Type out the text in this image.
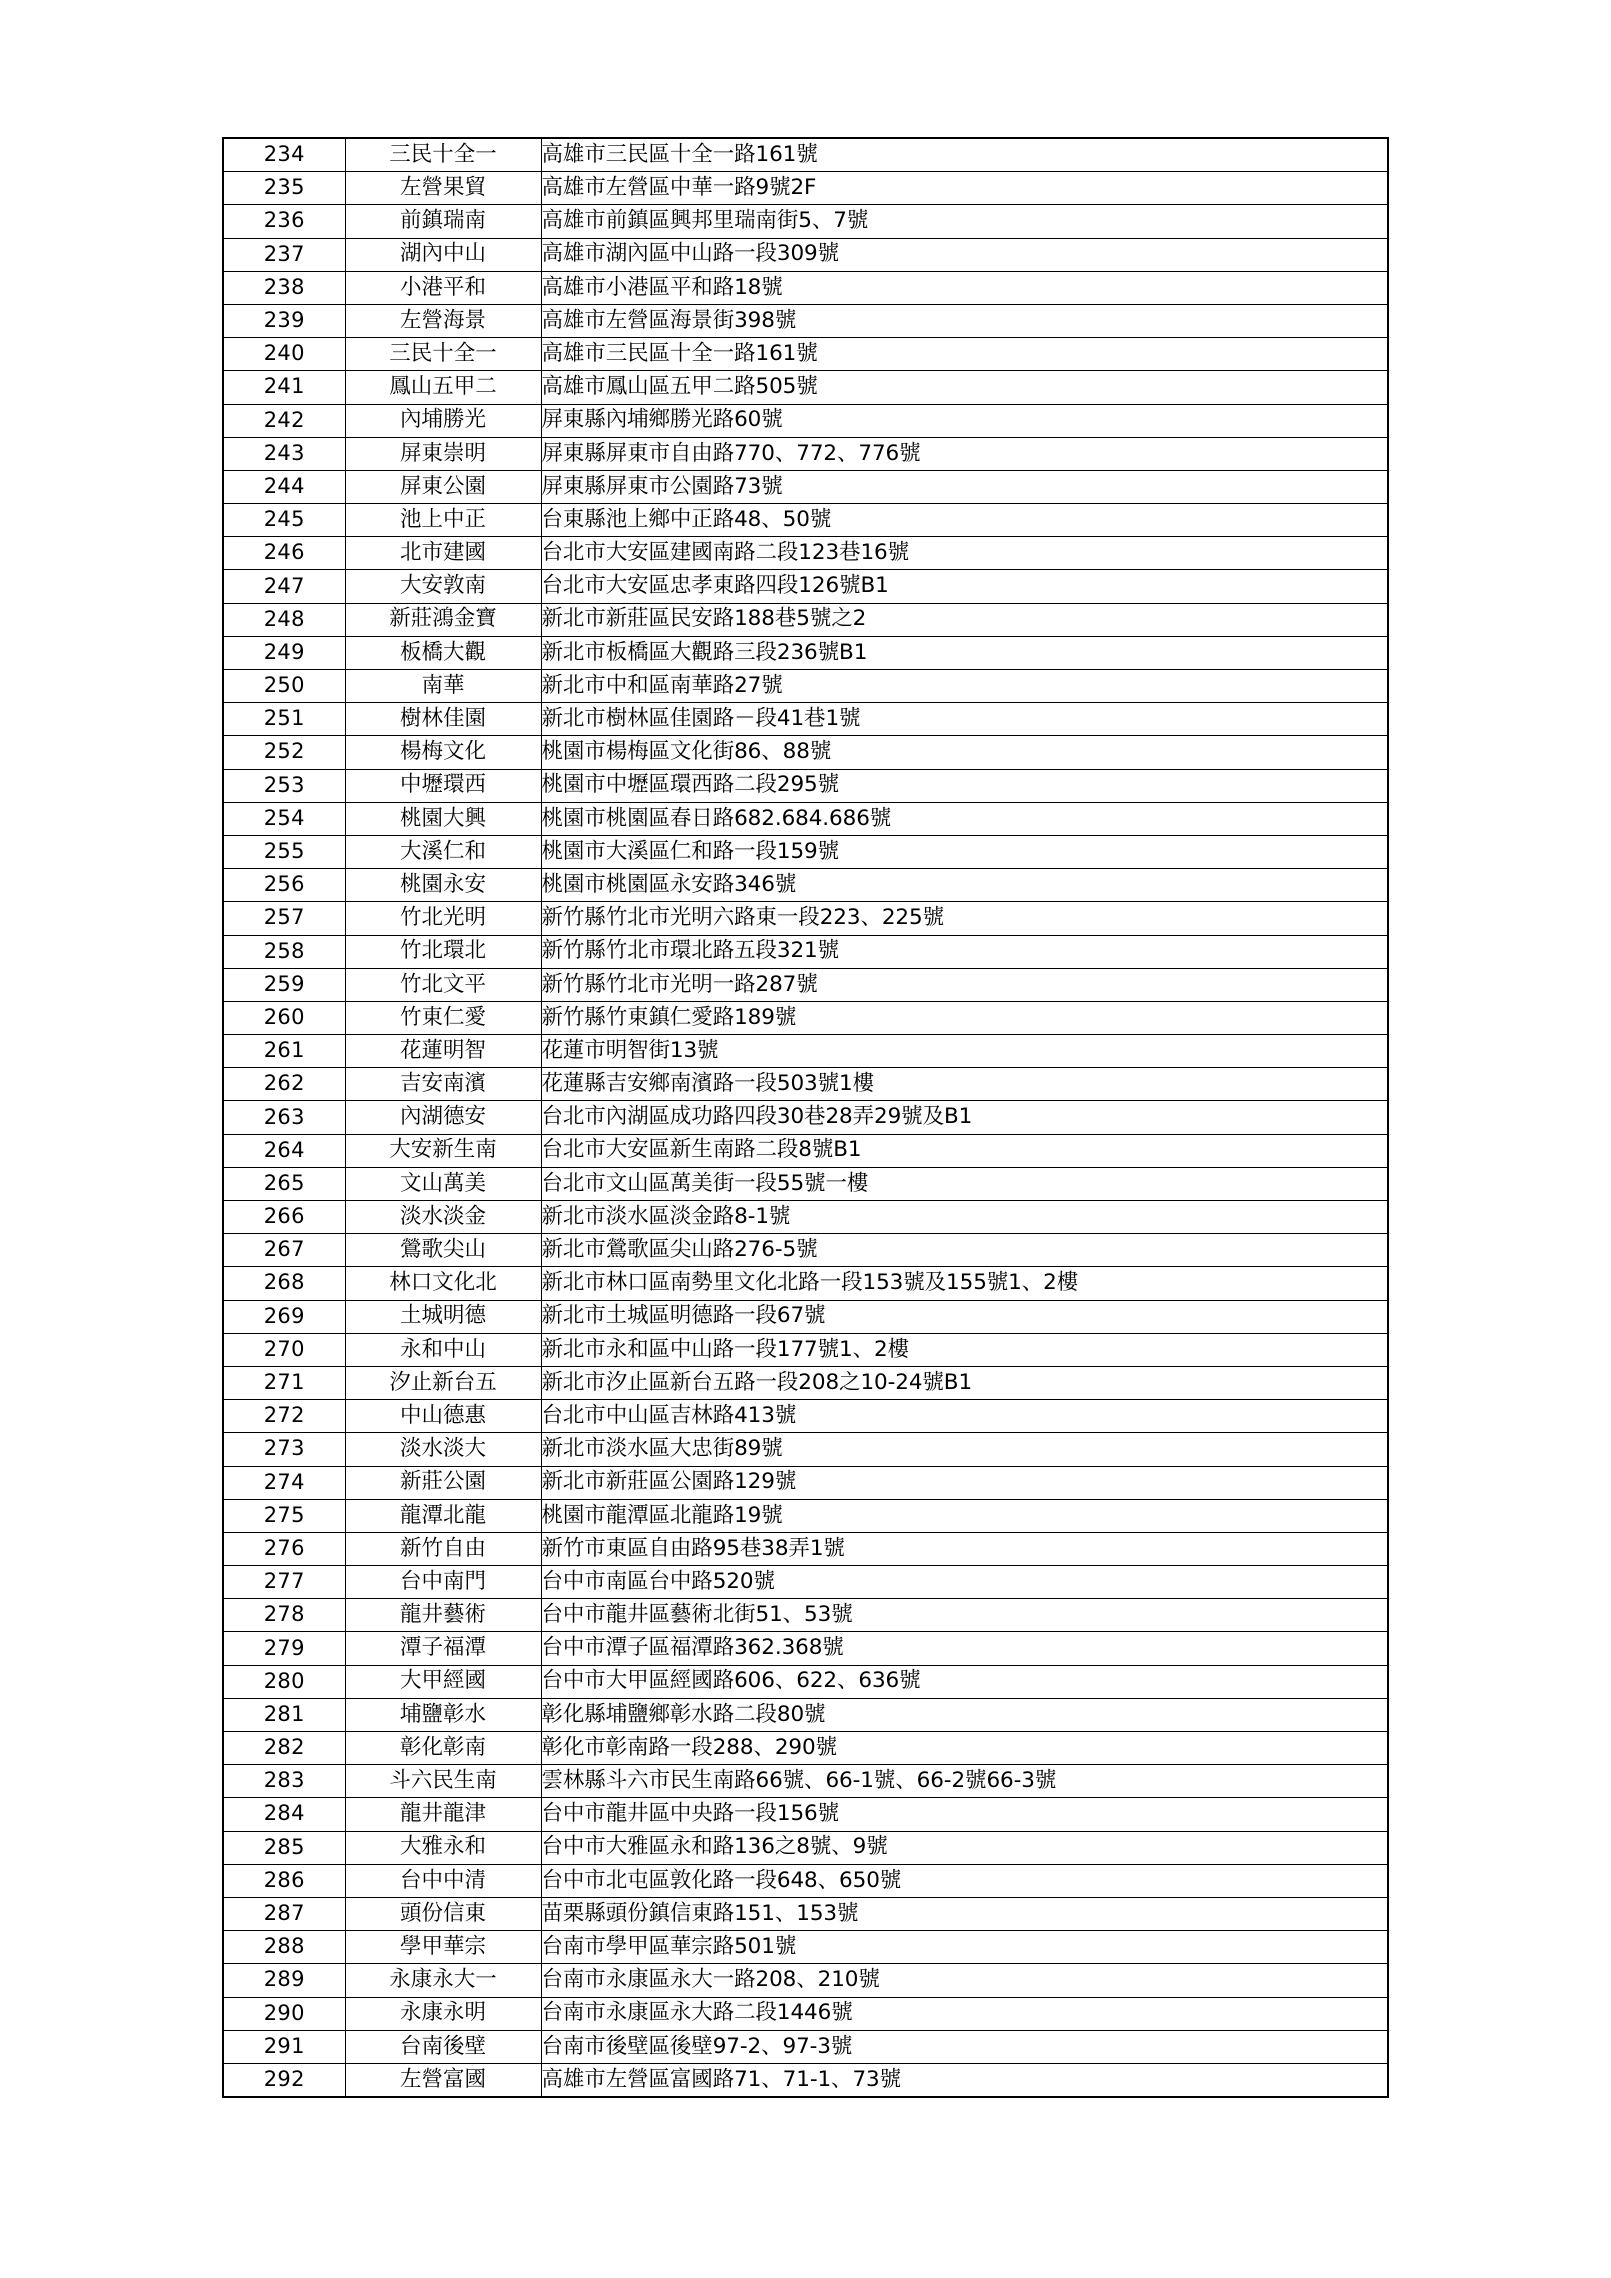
234	三民十全一	高雄市三民區十全一路161號
235	左營果貿	高雄市左營區中華一路9號2F
236	前鎮瑞南	高雄市前鎮區興邦里瑞南街5、7號
237	湖內中山	高雄市湖內區中山路一段309號
238	小港平和	高雄市小港區平和路18號
239	左營海景	高雄市左營區海景街398號
240	三民十全一	高雄市三民區十全一路161號
241	鳳山五甲二	高雄市鳳山區五甲二路505號
242	內埔勝光	屏東縣內埔鄉勝光路60號
243	屏東崇明	屏東縣屏東市自由路770、772、776號
244	屏東公園	屏東縣屏東市公園路73號
245	池上中正	台東縣池上鄉中正路48、50號
246	北市建國	台北市大安區建國南路二段123巷16號
247	大安敦南	台北市大安區忠孝東路四段126號B1
248	新莊鴻金寶	新北市新莊區民安路188巷5號之2
249	板橋大觀	新北市板橋區大觀路三段236號B1
250	南華	新北市中和區南華路27號
251	樹林佳園	新北市樹林區佳園路－段41巷1號
252	楊梅文化	桃園市楊梅區文化街86、88號
253	中壢環西	桃園市中壢區環西路二段295號
254	桃園大興	桃園市桃園區春日路682.684.686號
255	大溪仁和	桃園市大溪區仁和路一段159號
256	桃園永安	桃園市桃園區永安路346號
257	竹北光明	新竹縣竹北市光明六路東一段223、225號
258	竹北環北	新竹縣竹北市環北路五段321號
259	竹北文平	新竹縣竹北市光明一路287號
260	竹東仁愛	新竹縣竹東鎮仁愛路189號
261	花蓮明智	花蓮市明智街13號
262	吉安南濱	花蓮縣吉安鄉南濱路一段503號1樓
263	內湖德安	台北市內湖區成功路四段30巷28弄29號及B1
264	大安新生南	台北市大安區新生南路二段8號B1
265	文山萬美	台北市文山區萬美街一段55號一樓
266	淡水淡金	新北市淡水區淡金路8-1號
267	鶯歌尖山	新北市鶯歌區尖山路276-5號
268	林口文化北	新北市林口區南勢里文化北路一段153號及155號1、2樓
269	土城明德	新北市土城區明德路一段67號
270	永和中山	新北市永和區中山路一段177號1、2樓
271	汐止新台五	新北市汐止區新台五路一段208之10-24號B1
272	中山德惠	台北市中山區吉林路413號
273	淡水淡大	新北市淡水區大忠街89號
274	新莊公園	新北市新莊區公園路129號
275	龍潭北龍	桃園市龍潭區北龍路19號
276	新竹自由	新竹市東區自由路95巷38弄1號
277	台中南門	台中市南區台中路520號
278	龍井藝術	台中市龍井區藝術北街51、53號
279	潭子福潭	台中市潭子區福潭路362.368號
280	大甲經國	台中市大甲區經國路606、622、636號
281	埔鹽彰水	彰化縣埔鹽鄉彰水路二段80號
282	彰化彰南	彰化市彰南路一段288、290號
283	斗六民生南	雲林縣斗六市民生南路66號、66-1號、66-2號66-3號
284	龍井龍津	台中市龍井區中央路一段156號
285	大雅永和	台中市大雅區永和路136之8號、9號
286	台中中清	台中市北屯區敦化路一段648、650號
287	頭份信東	苗栗縣頭份鎮信東路151、153號
288	學甲華宗	台南市學甲區華宗路501號
289	永康永大一	台南市永康區永大一路208、210號
290	永康永明	台南市永康區永大路二段1446號
291	台南後壁	台南市後壁區後壁97-2、97-3號
292	左營富國	高雄市左營區富國路71、71-1、73號
